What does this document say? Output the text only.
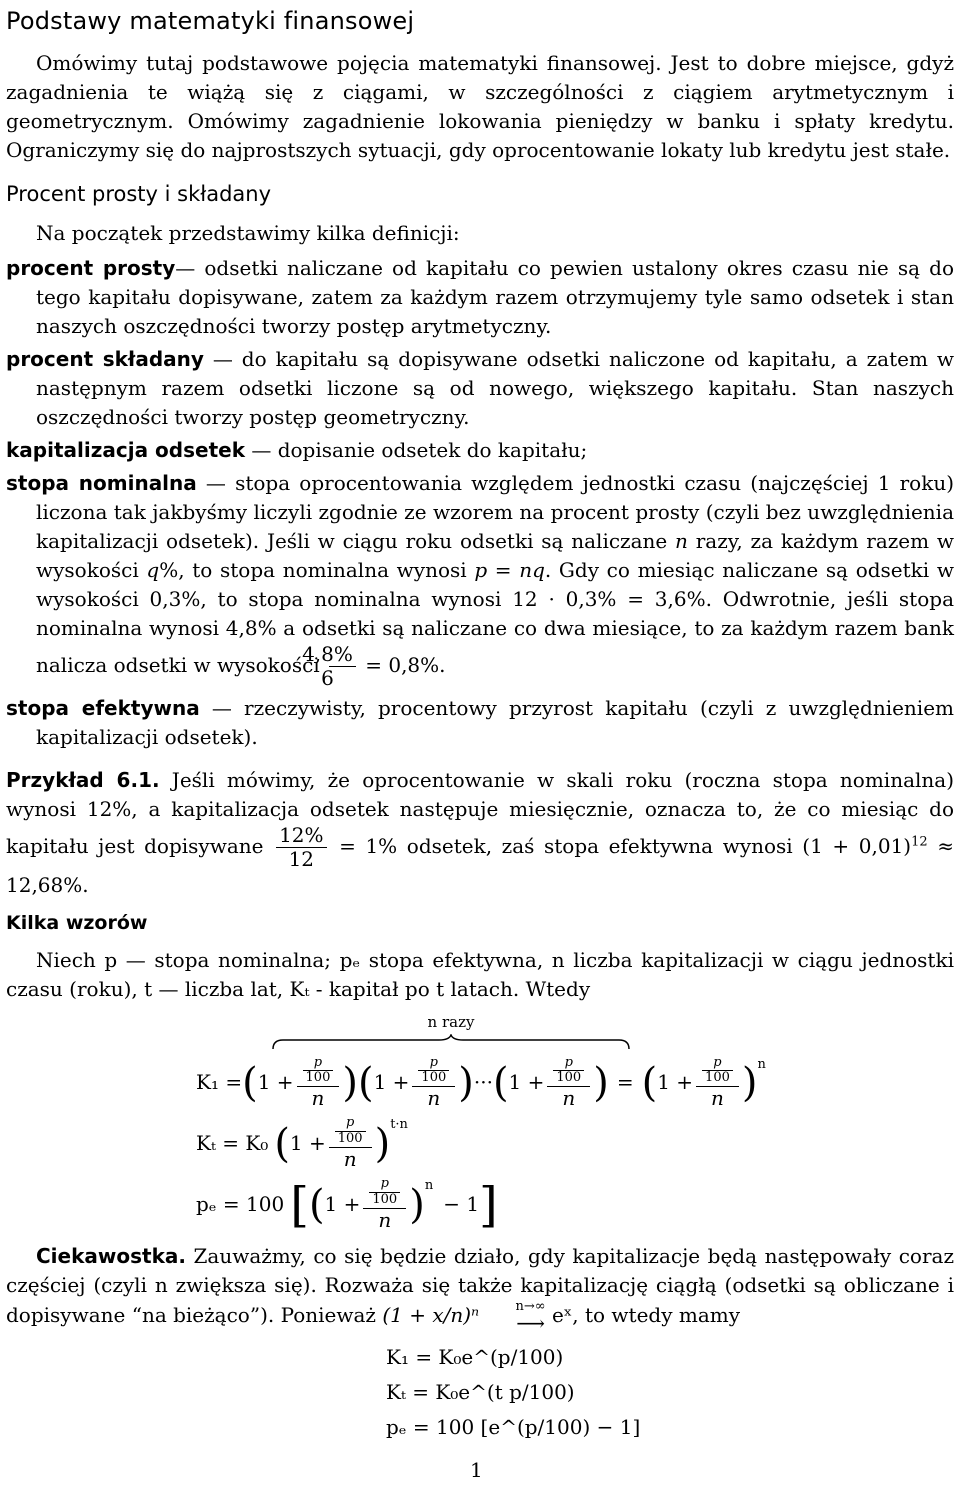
Podstawy matematyki finansowej

Omówimy tutaj podstawowe pojęcia matematyki finansowej. Jest to dobre miejsce, gdyż zagadnienia te wiążą się z ciągami, w szczególności z ciągiem arytmetycznym i geometrycznym. Omówimy zagadnienie lokowania pieniędzy w banku i spłaty kredytu. Ograniczymy się do najprostszych sytuacji, gdy oprocentowanie lokaty lub kredytu jest stałe.

Procent prosty i składany

Na początek przedstawimy kilka definicji:

procent prosty— odsetki naliczane od kapitału co pewien ustalony okres czasu nie są do tego kapitału dopisywane, zatem za każdym razem otrzymujemy tyle samo odsetek i stan naszych oszczędności tworzy postęp arytmetyczny.

procent składany — do kapitału są dopisywane odsetki naliczone od kapitału, a zatem w następnym razem odsetki liczone są od nowego, większego kapitału. Stan naszych oszczędności tworzy postęp geometryczny.

kapitalizacja odsetek — dopisanie odsetek do kapitału;

stopa nominalna — stopa oprocentowania względem jednostki czasu (najczęściej 1 roku) liczona tak jakbyśmy liczyli zgodnie ze wzorem na procent prosty (czyli bez uwzględnienia kapitalizacji odsetek). Jeśli w ciągu roku odsetki są naliczane n razy, za każdym razem w wysokości q%, to stopa nominalna wynosi p = nq. Gdy co miesiąc naliczane są odsetki w wysokości 0,3%, to stopa nominalna wynosi 12 · 0,3% = 3,6%. Odwrotnie, jeśli stopa nominalna wynosi 4,8% a odsetki są naliczane co dwa miesiące, to za każdym razem bank nalicza odsetki w wysokości $\frac{4,8\%}{6} = 0,8\%$.

stopa efektywna — rzeczywisty, procentowy przyrost kapitału (czyli z uwzględnieniem kapitalizacji odsetek).

Przykład 6.1. Jeśli mówimy, że oprocentowanie w skali roku (roczna stopa nominalna) wynosi 12%, a kapitalizacja odsetek następuje miesięcznie, oznacza to, że co miesiąc do kapitału jest dopisywane $\frac{12\%}{12} = 1\%$ odsetek, zaś stopa efektywna wynosi $(1 + 0,01)^{12} \approx 12,68\%$.

Kilka wzorów

Niech p — stopa nominalna; pₑ stopa efektywna, n liczba kapitalizacji w ciągu jednostki czasu (roku), t — liczba lat, Kₜ - kapitał po t latach. Wtedy

n razy
K₁ = ( $1 + \frac{\frac{p}{100}}{n}$ ) ( $1 + \frac{\frac{p}{100}}{n}$ ) ··· ( $1 + \frac{\frac{p}{100}}{n}$ ) = ( $1 + \frac{\frac{p}{100}}{n} )^n$
Kₜ = K₀ ( $1 + \frac{\frac{p}{100}}{n} )^{t\cdot n}$
pₑ = 100 [ ( $1 + \frac{\frac{p}{100}}{n} )^n$
− 1 ]

Ciekawostka. Zauważmy, co się będzie działo, gdy kapitalizacje będą następowały coraz częściej (czyli n zwiększa się). Rozważa się także kapitalizację ciągłą (odsetki są obliczane i dopisywane “na bieżąco”). Ponieważ (1 + x/n)ⁿ	n→∞
⟶ eˣ, to wtedy mamy

K₁ = K₀e^(p/100)
Kₜ = K₀e^(t p/100)
pₑ = 100 [e^(p/100) − 1]
1
